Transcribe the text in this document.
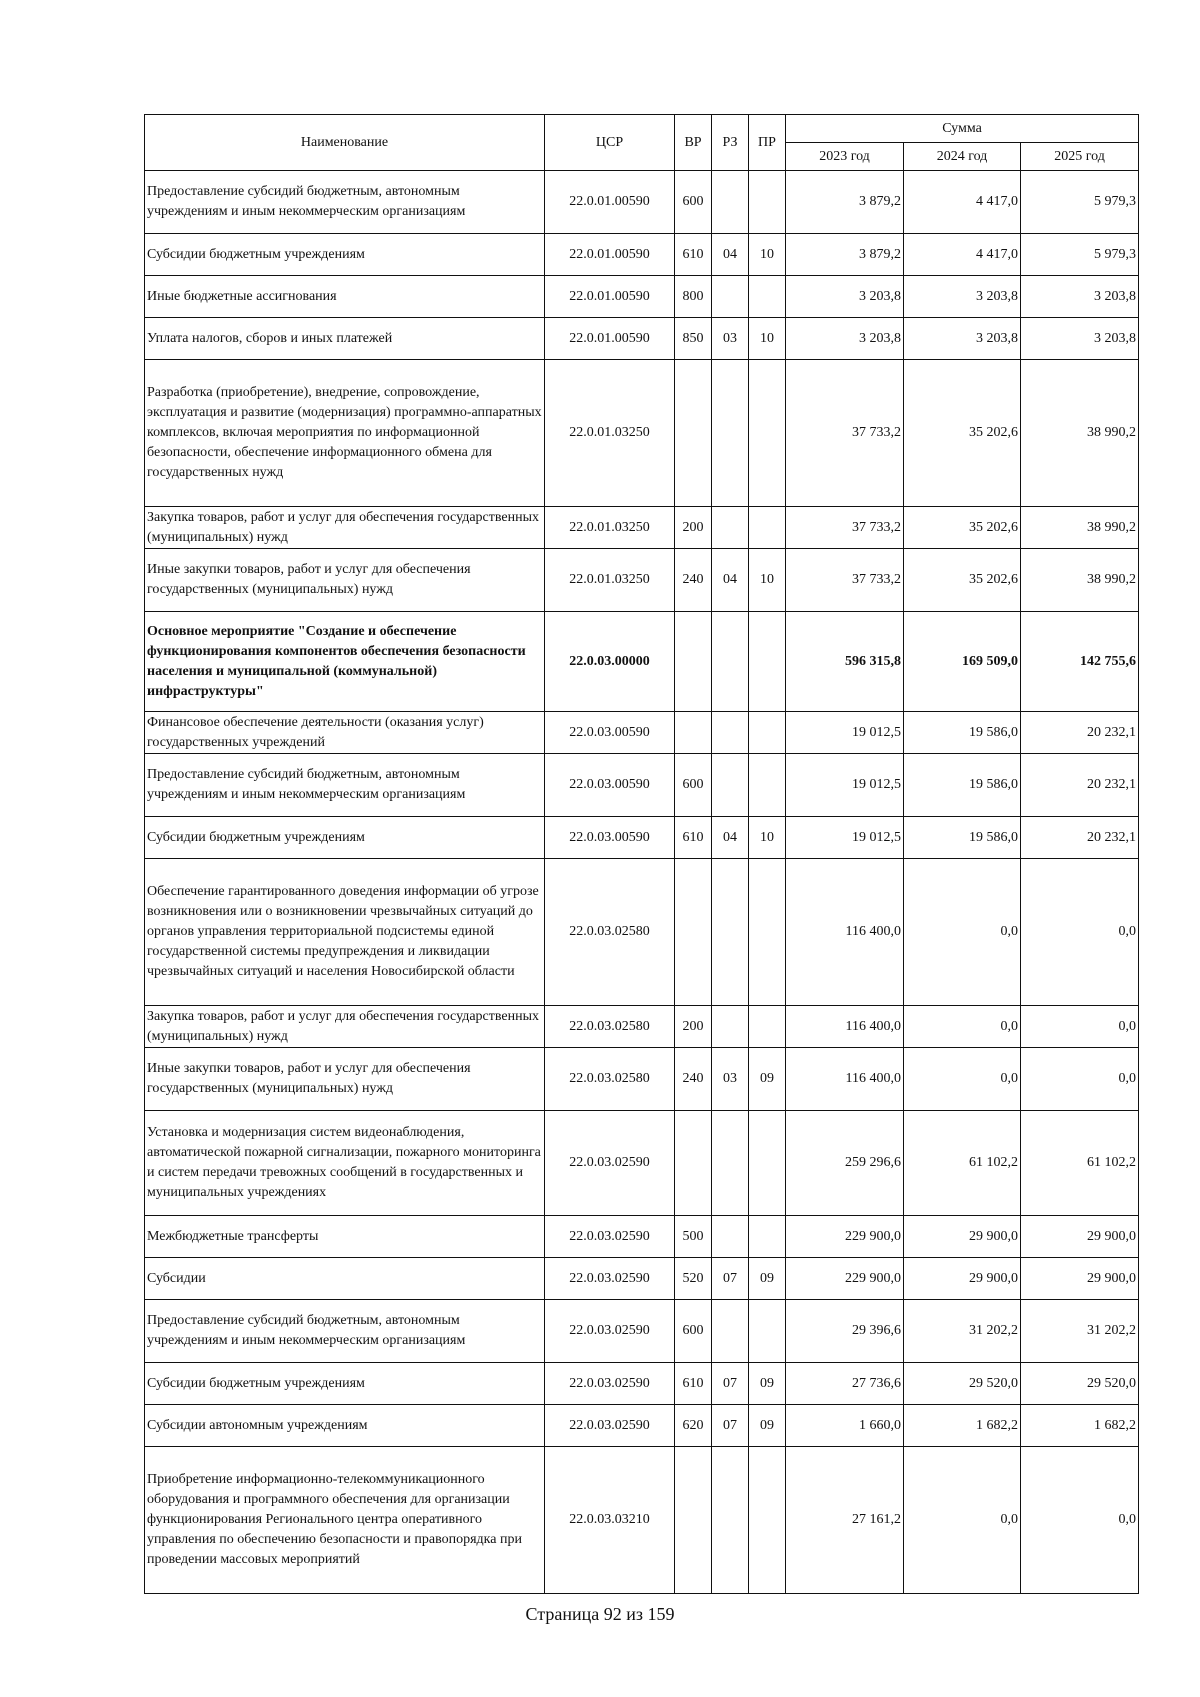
Наименование	ЦСР	ВР	РЗ	ПР	Сумма		
					2023 год	2024 год	2025 год
Предоставление субсидий бюджетным, автономным учреждениям и иным некоммерческим организациям	22.0.01.00590	600			3 879,2	4 417,0	5 979,3
Субсидии бюджетным учреждениям	22.0.01.00590	610	04	10	3 879,2	4 417,0	5 979,3
Иные бюджетные ассигнования	22.0.01.00590	800			3 203,8	3 203,8	3 203,8
Уплата налогов, сборов и иных платежей	22.0.01.00590	850	03	10	3 203,8	3 203,8	3 203,8
Разработка (приобретение), внедрение, сопровождение, эксплуатация и развитие (модернизация) программно-аппаратных комплексов, включая мероприятия по информационной безопасности, обеспечение информационного обмена для государственных нужд	22.0.01.03250				37 733,2	35 202,6	38 990,2
Закупка товаров, работ и услуг для обеспечения государственных (муниципальных) нужд	22.0.01.03250	200			37 733,2	35 202,6	38 990,2
Иные закупки товаров, работ и услуг для обеспечения государственных (муниципальных) нужд	22.0.01.03250	240	04	10	37 733,2	35 202,6	38 990,2
Основное мероприятие "Создание и обеспечение функционирования компонентов обеспечения безопасности населения и муниципальной (коммунальной) инфраструктуры"	22.0.03.00000				596 315,8	169 509,0	142 755,6
Финансовое обеспечение деятельности (оказания услуг) государственных учреждений	22.0.03.00590				19 012,5	19 586,0	20 232,1
Предоставление субсидий бюджетным, автономным учреждениям и иным некоммерческим организациям	22.0.03.00590	600			19 012,5	19 586,0	20 232,1
Субсидии бюджетным учреждениям	22.0.03.00590	610	04	10	19 012,5	19 586,0	20 232,1
Обеспечение гарантированного доведения информации об угрозе возникновения или о возникновении чрезвычайных ситуаций до органов управления территориальной подсистемы единой государственной системы предупреждения и ликвидации чрезвычайных ситуаций и населения Новосибирской области	22.0.03.02580				116 400,0	0,0	0,0
Закупка товаров, работ и услуг для обеспечения государственных (муниципальных) нужд	22.0.03.02580	200			116 400,0	0,0	0,0
Иные закупки товаров, работ и услуг для обеспечения государственных (муниципальных) нужд	22.0.03.02580	240	03	09	116 400,0	0,0	0,0
Установка и модернизация систем видеонаблюдения, автоматической пожарной сигнализации, пожарного мониторинга и систем передачи тревожных сообщений в государственных и муниципальных учреждениях	22.0.03.02590				259 296,6	61 102,2	61 102,2
Межбюджетные трансферты	22.0.03.02590	500			229 900,0	29 900,0	29 900,0
Субсидии	22.0.03.02590	520	07	09	229 900,0	29 900,0	29 900,0
Предоставление субсидий бюджетным, автономным учреждениям и иным некоммерческим организациям	22.0.03.02590	600			29 396,6	31 202,2	31 202,2
Субсидии бюджетным учреждениям	22.0.03.02590	610	07	09	27 736,6	29 520,0	29 520,0
Субсидии автономным учреждениям	22.0.03.02590	620	07	09	1 660,0	1 682,2	1 682,2
Приобретение информационно-телекоммуникационного оборудования и программного обеспечения для организации функционирования Регионального центра оперативного управления по обеспечению безопасности и правопорядка при проведении массовых мероприятий	22.0.03.03210				27 161,2	0,0	0,0
Страница 92 из 159
